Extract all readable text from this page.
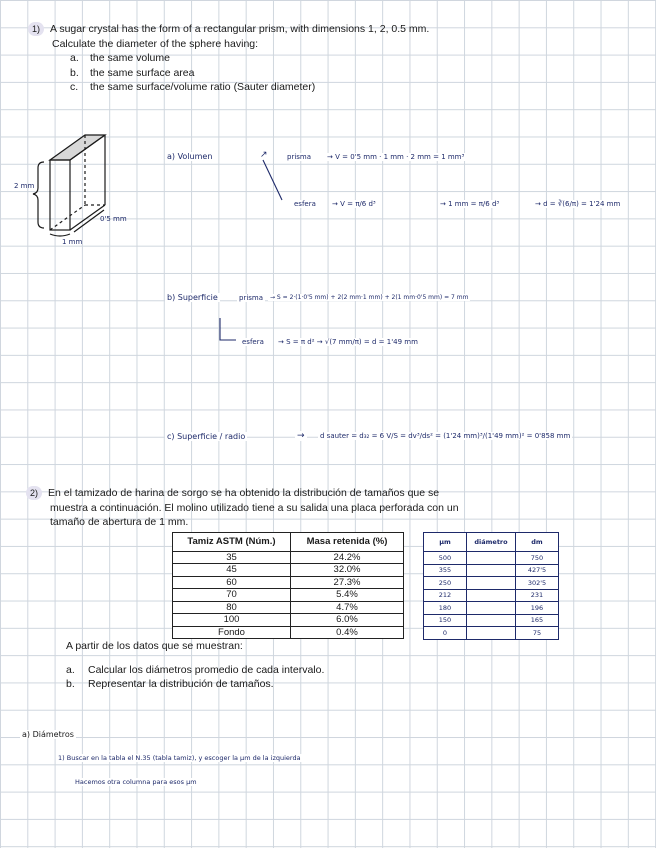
1) A sugar crystal has the form of a rectangular prism, with dimensions 1, 2, 0.5 mm.
Calculate the diameter of the sphere having:
a. the same volume
b. the same surface area
c. the same surface/volume ratio (Sauter diameter)
2 mm
0'5 mm
1 mm
a) Volumen	↗	prisma → V = 0'5 mm · 1 mm · 2 mm = 1 mm³
esfera → V = π/6 d³	→ 1 mm = π/6 d³	→ d = ∛(6/π) = 1'24 mm
b) Superficie	prisma	→ S = 2·(1·0'5 mm) + 2(2 mm·1 mm) + 2(1 mm·0'5 mm) = 7 mm
esfera → S = π d² → √(7 mm/π) = d = 1'49 mm
c) Superficie / radio	→ d sauter = d₃₂ = 6 V/S = dv³/ds² = (1'24 mm)³/(1'49 mm)² = 0'858 mm
2) En el tamizado de harina de sorgo se ha obtenido la distribución de tamaños que se
muestra a continuación. El molino utilizado tiene a su salida una placa perforada con un
tamaño de abertura de 1 mm.
Tamiz ASTM (Núm.)	Masa retenida (%)
35	24.2%
45	32.0%
60	27.3%
70	5.4%
80	4.7%
100	6.0%
Fondo	0.4%
μm	diámetro	dm
500		750
355		427'5
250		302'5
212		231
180		196
150		165
0		75
A partir de los datos que se muestran:
a. Calcular los diámetros promedio de cada intervalo.
b. Representar la distribución de tamaños.
a) Diámetros
1) Buscar en la tabla el N.35 (tabla tamiz), y escoger la μm de la izquierda
Hacemos otra columna para esos μm
